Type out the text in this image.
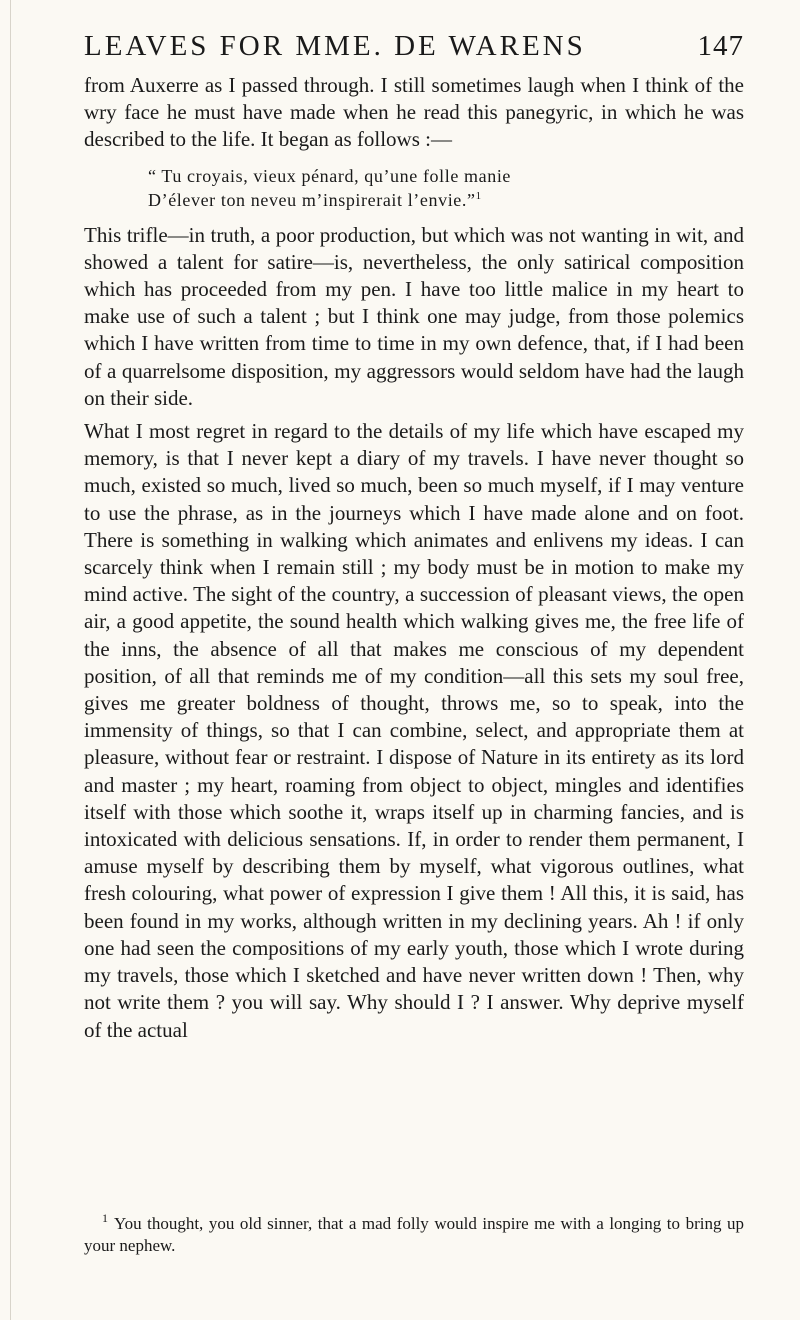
LEAVES FOR MME. DE WARENS	147

from Auxerre as I passed through. I still sometimes laugh when I think of the wry face he must have made when he read this panegyric, in which he was described to the life. It began as follows :—

“ Tu croyais, vieux pénard, qu’une folle manie
D’élever ton neveu m’inspirerait l’envie.”$^1$

This trifle—in truth, a poor production, but which was not wanting in wit, and showed a talent for satire—is, nevertheless, the only satirical composition which has proceeded from my pen. I have too little malice in my heart to make use of such a talent ; but I think one may judge, from those polemics which I have written from time to time in my own defence, that, if I had been of a quarrelsome disposition, my aggressors would seldom have had the laugh on their side.

What I most regret in regard to the details of my life which have escaped my memory, is that I never kept a diary of my travels. I have never thought so much, existed so much, lived so much, been so much myself, if I may venture to use the phrase, as in the journeys which I have made alone and on foot. There is something in walking which animates and enlivens my ideas. I can scarcely think when I remain still ; my body must be in motion to make my mind active. The sight of the country, a succession of pleasant views, the open air, a good appetite, the sound health which walking gives me, the free life of the inns, the absence of all that makes me conscious of my dependent position, of all that reminds me of my condition—all this sets my soul free, gives me greater boldness of thought, throws me, so to speak, into the immensity of things, so that I can combine, select, and appropriate them at pleasure, without fear or restraint. I dispose of Nature in its entirety as its lord and master ; my heart, roaming from object to object, mingles and identifies itself with those which soothe it, wraps itself up in charming fancies, and is intoxicated with delicious sensations. If, in order to render them permanent, I amuse myself by describing them by myself, what vigorous outlines, what fresh colouring, what power of expression I give them ! All this, it is said, has been found in my works, although written in my declining years. Ah ! if only one had seen the compositions of my early youth, those which I wrote during my travels, those which I sketched and have never written down ! Then, why not write them ? you will say. Why should I ? I answer. Why deprive myself of the actual

1 You thought, you old sinner, that a mad folly would inspire me with a longing to bring up your nephew.
